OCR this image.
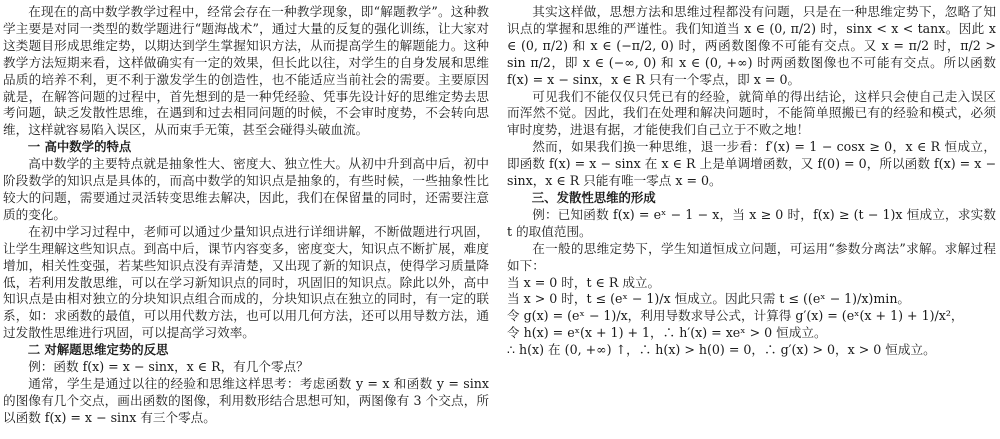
在现在的高中数学教学过程中，经常会存在一种教学现象，即“解题教学”。这种教学主要是对同一类型的数学题进行“题海战术”，通过大量的反复的强化训练，让大家对这类题目形成思维定势，以期达到学生掌握知识方法，从而提高学生的解题能力。这种教学方法短期来看，这样做确实有一定的效果，但长此以往，对学生的自身发展和思维品质的培养不利，更不利于激发学生的创造性，也不能适应当前社会的需要。主要原因就是，在解答问题的过程中，首先想到的是一种凭经验、凭事先设计好的思维定势去思考问题，缺乏发散性思维，在遇到和过去相同问题的时候，不会审时度势，不会转向思维，这样就容易陷入误区，从而束手无策，甚至会碰得头破血流。

一 高中数学的特点

高中数学的主要特点就是抽象性大、密度大、独立性大。从初中升到高中后，初中阶段数学的知识点是具体的，而高中数学的知识点是抽象的，有些时候，一些抽象性比较大的问题，需要通过灵活转变思维去解决，因此，我们在保留量的同时，还需要注意质的变化。

在初中学习过程中，老师可以通过少量知识点进行详细讲解，不断做题进行巩固，让学生理解这些知识点。到高中后，课节内容变多，密度变大，知识点不断扩展，难度增加，相关性变强，若某些知识点没有弄清楚，又出现了新的知识点，使得学习质量降低，若利用发散思维，可以在学习新知识点的同时，巩固旧的知识点。除此以外，高中知识点是由相对独立的分块知识点组合而成的，分块知识点在独立的同时，有一定的联系，如：求函数的最值，可以用代数方法，也可以用几何方法，还可以用导数方法，通过发散性思维进行巩固，可以提高学习效率。

二 对解题思维定势的反思

例：函数 f(x) = x − sinx，x ∈ R，有几个零点？

通常，学生是通过以往的经验和思维这样思考：考虑函数 y = x 和函数 y = sinx 的图像有几个交点，画出函数的图像，利用数形结合思想可知，两图像有 3 个交点，所以函数 f(x) = x − sinx 有三个零点。

其实这样做，思想方法和思维过程都没有问题，只是在一种思维定势下，忽略了知识点的掌握和思维的严谨性。我们知道当 x ∈ (0, π/2) 时，sinx < x < tanx。因此 x ∈ (0, π/2) 和 x ∈ (−π/2, 0) 时，两函数图像不可能有交点。又 x = π/2 时，π/2 > sin π/2，即 x ∈ (−∞, 0) 和 x ∈ (0, +∞) 时两函数图像也不可能有交点。所以函数 f(x) = x − sinx，x ∈ R 只有一个零点，即 x = 0。

可见我们不能仅仅只凭已有的经验，就简单的得出结论，这样只会使自己走入误区而浑然不觉。因此，我们在处理和解决问题时，不能简单照搬已有的经验和模式，必须审时度势，进退有据，才能使我们自己立于不败之地！

然而，如果我们换一种思维，退一步看：f′(x) = 1 − cosx ≥ 0，x ∈ R 恒成立，即函数 f(x) = x − sinx 在 x ∈ R 上是单调增函数，又 f(0) = 0，所以函数 f(x) = x − sinx，x ∈ R 只能有唯一零点 x = 0。

三、发散性思维的形成

例：已知函数 f(x) = eˣ − 1 − x，当 x ≥ 0 时，f(x) ≥ (t − 1)x 恒成立，求实数 t 的取值范围。

在一般的思维定势下，学生知道恒成立问题，可运用“参数分离法”求解。求解过程如下：

当 x = 0 时，t ∈ R 成立。

当 x > 0 时，t ≤ (eˣ − 1)/x 恒成立。因此只需 t ≤ ((eˣ − 1)/x)min。

令 g(x) = (eˣ − 1)/x，利用导数求导公式，计算得 g′(x) = (eˣ(x + 1) + 1)/x²，

令 h(x) = eˣ(x + 1) + 1，∴ h′(x) = xeˣ > 0 恒成立。

∴ h(x) 在 (0, +∞) ↑，∴ h(x) > h(0) = 0，∴ g′(x) > 0，x > 0 恒成立。
